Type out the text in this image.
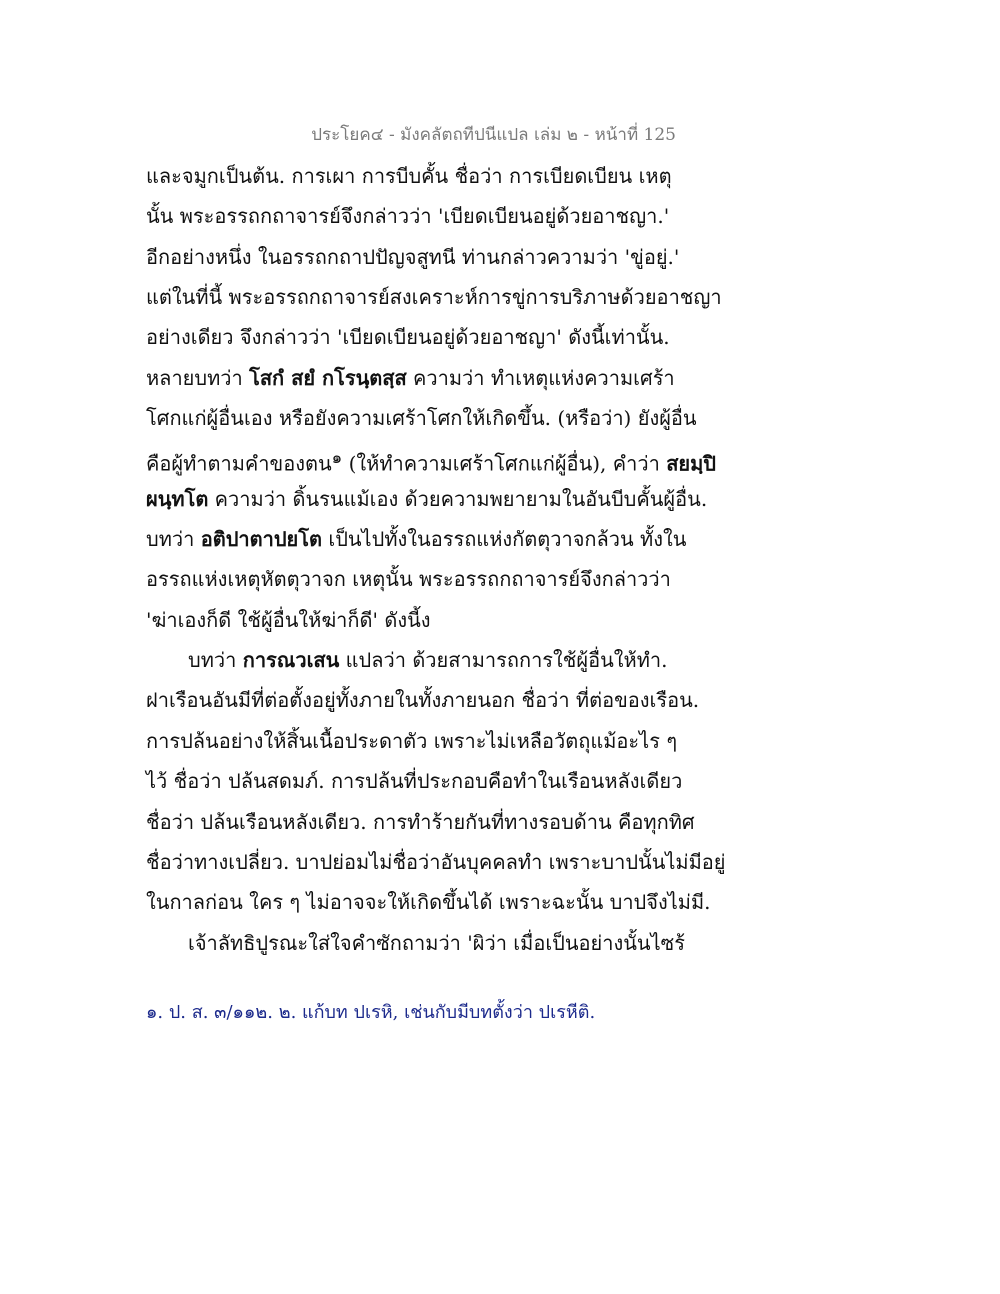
ประโยค๔ - มังคลัตถทีปนีแปล เล่ม ๒ - หน้าที่ 125
และจมูกเป็นต้น. การเผา การบีบคั้น ชื่อว่า การเบียดเบียน เหตุ
นั้น พระอรรถกถาจารย์จึงกล่าวว่า 'เบียดเบียนอยู่ด้วยอาชญา.'
อีกอย่างหนึ่ง ในอรรถกถาปปัญจสูทนี ท่านกล่าวความว่า 'ขู่อยู่.'
แต่ในที่นี้ พระอรรถกถาจารย์สงเคราะห์การขู่การบริภาษด้วยอาชญา
อย่างเดียว จึงกล่าวว่า 'เบียดเบียนอยู่ด้วยอาชญา' ดังนี้เท่านั้น.
หลายบทว่า โสกํ สยํ กโรนฺตสฺส ความว่า ทำเหตุแห่งความเศร้า
โศกแก่ผู้อื่นเอง หรือยังความเศร้าโศกให้เกิดขึ้น. (หรือว่า) ยังผู้อื่น
คือผู้ทำตามคำของตน$^๑$ (ให้ทำความเศร้าโศกแก่ผู้อื่น), คำว่า สยมฺปิ
ผนฺทโต ความว่า ดิ้นรนแม้เอง ด้วยความพยายามในอันบีบคั้นผู้อื่น.
บทว่า อติปาตาปยโต เป็นไปทั้งในอรรถแห่งกัตตุวาจกล้วน ทั้งใน
อรรถแห่งเหตุหัตตุวาจก เหตุนั้น พระอรรถกถาจารย์จึงกล่าวว่า
'ฆ่าเองก็ดี ใช้ผู้อื่นให้ฆ่าก็ดี' ดังนี้ง
บทว่า การณวเสน แปลว่า ด้วยสามารถการใช้ผู้อื่นให้ทำ.
ฝาเรือนอันมีที่ต่อตั้งอยู่ทั้งภายในทั้งภายนอก ชื่อว่า ที่ต่อของเรือน.
การปล้นอย่างให้สิ้นเนื้อประดาตัว เพราะไม่เหลือวัตถุแม้อะไร ๆ
ไว้ ชื่อว่า ปล้นสดมภ์. การปล้นที่ประกอบคือทำในเรือนหลังเดียว
ชื่อว่า ปล้นเรือนหลังเดียว. การทำร้ายกันที่ทางรอบด้าน คือทุกทิศ
ชื่อว่าทางเปลี่ยว. บาปย่อมไม่ชื่อว่าอันบุคคลทำ เพราะบาปนั้นไม่มีอยู่
ในกาลก่อน ใคร ๆ ไม่อาจจะให้เกิดขึ้นได้ เพราะฉะนั้น บาปจึงไม่มี.
เจ้าลัทธิปูรณะใส่ใจคำซักถามว่า 'ผิว่า เมื่อเป็นอย่างนั้นไซร้
๑. ป. ส. ๓/๑๑๒. ๒. แก้บท ปเรหิ, เช่นกับมีบทตั้งว่า ปเรหีติ.
